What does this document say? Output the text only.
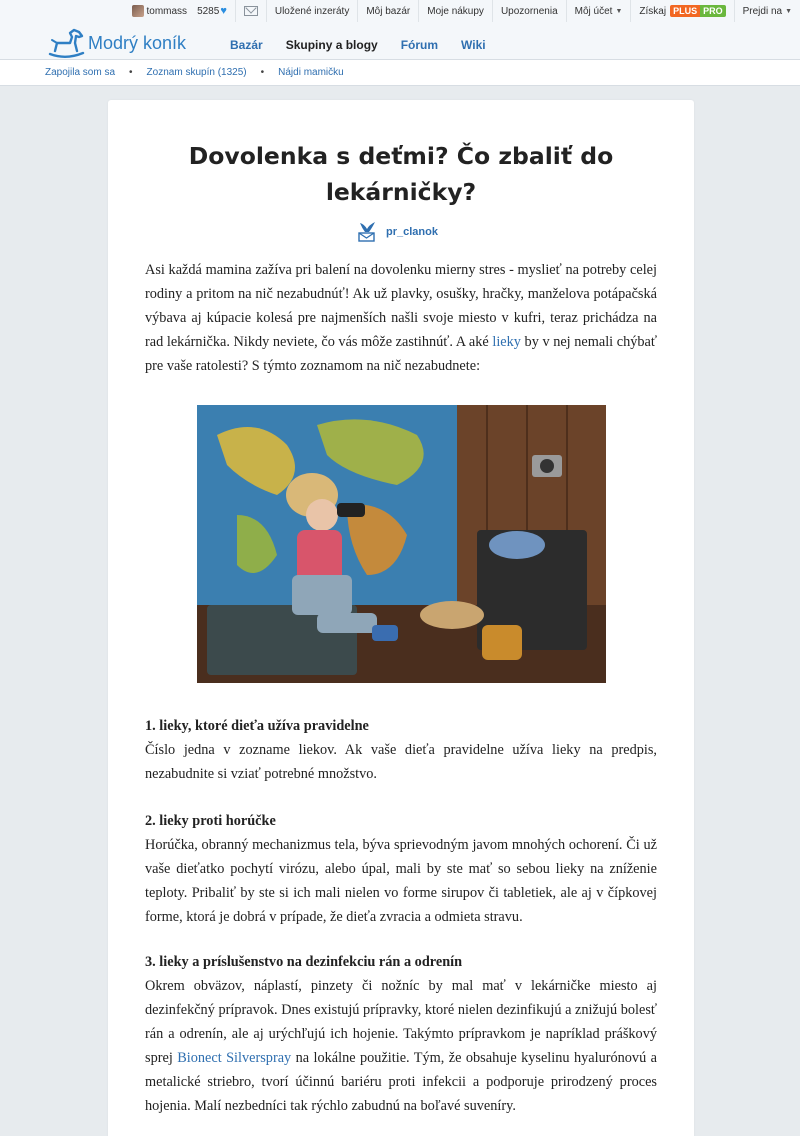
tommass 5285 ♥	Uložené inzeráty	Môj bazár	Moje nákupy	Upozornenia	Môj účet ▼ Získaj PLUS PRO	Prejdi na ▼
Modrý koník	Bazár Skupiny a blogy Fórum Wiki
Zapojila som sa • Zoznam skupín (1325) • Nájdi mamičku
Dovolenka s deťmi? Čo zbaliť do
lekárničky?
pr_clanok

Asi každá mamina zažíva pri balení na dovolenku mierny stres - myslieť na potreby celej rodiny a pritom na nič nezabudnúť! Ak už plavky, osušky, hračky, manželova potápačská výbava aj kúpacie kolesá pre najmenších našli svoje miesto v kufri, teraz prichádza na rad lekárnička. Nikdy neviete, čo vás môže zastihnúť. A aké lieky by v nej nemali chýbať pre vaše ratolesti? S týmto zoznamom na nič nezabudnete:

1. lieky, ktoré dieťa užíva pravidelne

Číslo jedna v zozname liekov. Ak vaše dieťa pravidelne užíva lieky na predpis, nezabudnite si vziať potrebné množstvo.

2. lieky proti horúčke

Horúčka, obranný mechanizmus tela, býva sprievodným javom mnohých ochorení. Či už vaše dieťatko pochytí virózu, alebo úpal, mali by ste mať so sebou lieky na zníženie teploty. Pribaliť by ste si ich mali nielen vo forme sirupov či tabletiek, ale aj v čípkovej forme, ktorá je dobrá v prípade, že dieťa zvracia a odmieta stravu.

3. lieky a príslušenstvo na dezinfekciu rán a odrenín

Okrem obväzov, náplastí, pinzety či nožníc by mal mať v lekárničke miesto aj dezinfekčný prípravok. Dnes existujú prípravky, ktoré nielen dezinfikujú a znižujú bolesť rán a odrenín, ale aj urýchľujú ich hojenie. Takýmto prípravkom je napríklad práškový sprej Bionect Silverspray na lokálne použitie. Tým, že obsahuje kyselinu hyalurónovú a metalické striebro, tvorí účinnú bariéru proti infekcii a podporuje prirodzený proces hojenia. Malí nezbedníci tak rýchlo zabudnú na boľavé suveníry.
